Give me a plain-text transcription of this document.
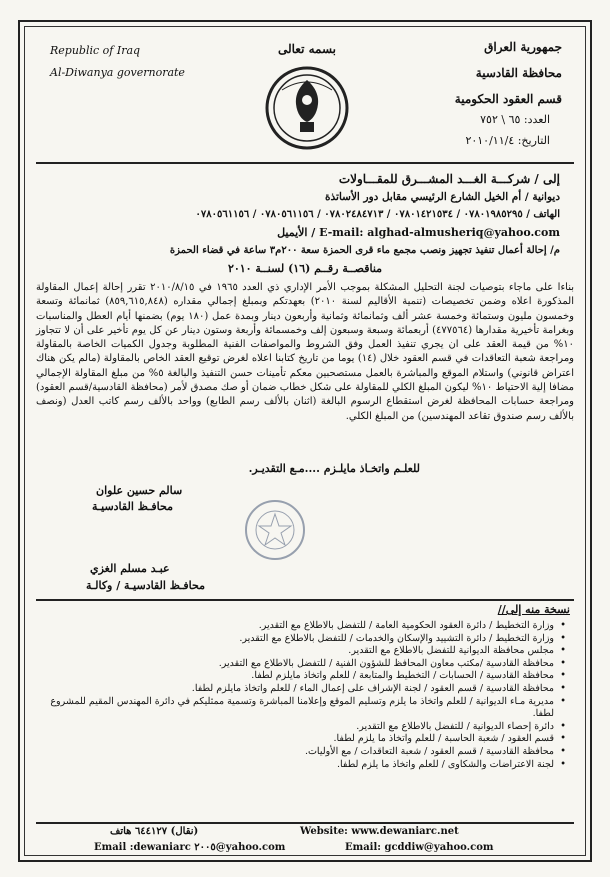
جمهورية العراق
محافظة القادسية
قسم العقود الحكومية
العدد: ٦٥ \ ٧٥٢
التاريخ: ٢٠١٠/١١/٤
Republic of Iraq
Al-Diwanya governorate
بسمه تعالى
إلى / شركـــة الغـــد المشـــرق للمقـــاولات
ديوانية / أم الخيل الشارع الرئيسي مقابل دور الأساتذة
الهاتف / ٠٧٨٠١٩٨٥٢٩٥ / ٠٧٨٠١٤٢١٥٣٤ / ٠٧٨٠٢٤٨٤٧١٣ / ٠٧٨٠٥٦١١٥٦ / ٠٧٨٠٥٦١١٥٦
E-mail: alghad-almusheriq@yahoo.com / الأيميل
م/ إحالة أعمال تنفيذ تجهيز ونصب مجمع ماء قرى الحمزة سعة ٢٠٠م٣ ساعة في قضاء الحمزة
مناقصــة رقــم (١٦) لسنــة ٢٠١٠
بناءا على ماجاء بتوصيات لجنة التحليل المشكلة بموجب الأمر الإداري ذي العدد ١٩٦٥ في ٢٠١٠/٨/١٥ تقرر إحالة إعمال المقاولة المذكورة اعلاه وضمن تخصيصات (تنمية الأقاليم لسنة ٢٠١٠) بعهدتكم وبمبلغ إجمالي مقداره (٨٥٩,٦١٥,٨٤٨) ثمانمائة وتسعة وخمسون مليون وستمائة وخمسة عشر ألف وثمانمائة وثمانية وأربعون دينار وبمدة عمل (١٨٠ يوم) بضمنها أيام العطل والمناسبات وبغرامة تأخيرية مقدارها (٤٧٧٥٦٤) أربعمائة وسبعة وسبعون إلف وخمسمائة وأربعة وستون دينار عن كل يوم تأخير على أن لا تتجاوز ١٠% من قيمة العقد على ان يجري تنفيذ العمل وفق الشروط والمواصفات الفنية المطلوبة وجدول الكميات الخاصة بالمقاولة ومراجعة شعبة التعاقدات في قسم العقود خلال (١٤) يوما من تاريخ كتابنا اعلاه لغرض توقيع العقد الخاص بالمقاولة (مالم يكن هناك اعتراض قانوني) واستلام الموقع والمباشرة بالعمل مستصحبين معكم تأمينات حسن التنفيذ والبالغة ٥% من مبلغ المقاولة الإجمالي مضافا إلية الاحتياط ١٠% ليكون المبلغ الكلي للمقاولة على شكل خطاب ضمان أو صك مصدق لأمر (محافظة القادسية/قسم العقود) ومراجعة حسابات المحافظة لغرض استقطاع الرسوم البالغة (اثنان بالألف رسم الطابع) وواحد بالألف رسم كاتب العدل (ونصف بالألف رسم صندوق تقاعد المهندسين) من المبلغ الكلي.
للعلـم واتخـاذ مايلـزم ....مـع التقديـر.
سالم حسين علوان
محافـظ القادسيـة
عبـد مسلم الغزي
محافـظ القادسيـة / وكالـة
نسخة منه إلى//
• وزارة التخطيط / دائرة العقود الحكومية العامة / للتفضل بالاطلاع مع التقدير.
• وزارة التخطيط / دائرة التشييد والإسكان والخدمات / للتفضل بالاطلاع مع التقدير.
• مجلس محافظة الديوانية للتفضل بالاطلاع مع التقدير.
• محافظة القادسية /مكتب معاون المحافظ للشؤون الفنية / للتفضل بالاطلاع مع التقدير.
• محافظة القادسية / الحسابات / التخطيط والمتابعة / للعلم واتخاذ مايلزم لطفا.
• محافظة القادسية / قسم العقود / لجنة الإشراف على إعمال الماء / للعلم واتخاذ مايلزم لطفا.
• مديرية مـاء الديوانية / للعلم واتخاذ ما يلزم وتسليم الموقع وإعلامنا المباشرة وتسمية ممثليكم في دائرة المهندس المقيم للمشروع لطفا.
• دائرة إحصاء الديوانية / للتفضل بالاطلاع مع التقدير.
• قسم العقود / شعبة الحاسبة / للعلم واتخاذ ما يلزم لطفا.
• محافظة القادسية / قسم العقود / شعبة التعاقدات / مع الأوليات.
• لجنة الاعتراضات والشكاوى / للعلم واتخاذ ما يلزم لطفا.
Website: www.dewaniarc.net
(نقال) ٦٤٤١٢٧ هاتف
Email :dewaniarc ٢٠٠٥@yahoo.com	Email: gcddiw@yahoo.com
